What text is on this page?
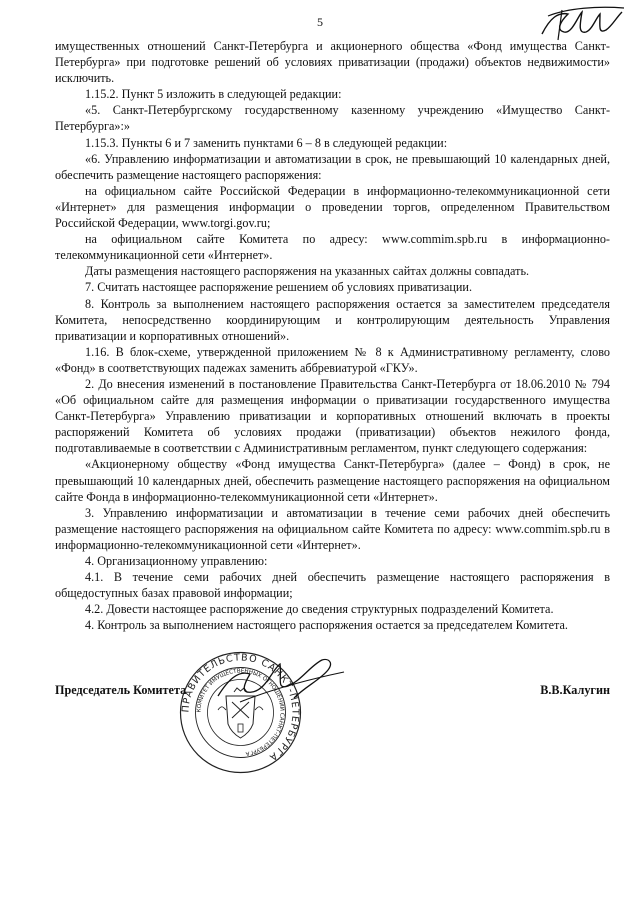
5

имущественных отношений Санкт-Петербурга и акционерного общества «Фонд имущества Санкт-Петербурга» при подготовке решений об условиях приватизации (продажи) объектов недвижимости» исключить.

1.15.2. Пункт 5 изложить в следующей редакции:

«5. Санкт-Петербургскому государственному казенному учреждению «Имущество Санкт-Петербурга»:»

1.15.3. Пункты 6 и 7 заменить пунктами 6 – 8 в следующей редакции:

«6. Управлению информатизации и автоматизации в срок, не превышающий 10 календарных дней, обеспечить размещение настоящего распоряжения:

на официальном сайте Российской Федерации в информационно-телекоммуникационной сети «Интернет» для размещения информации о проведении торгов, определенном Правительством Российской Федерации, www.torgi.gov.ru;

на официальном сайте Комитета по адресу: www.commim.spb.ru в информационно-телекоммуникационной сети «Интернет».

Даты размещения настоящего распоряжения на указанных сайтах должны совпадать.

7. Считать настоящее распоряжение решением об условиях приватизации.

8. Контроль за выполнением настоящего распоряжения остается за заместителем председателя Комитета, непосредственно координирующим и контролирующим деятельность Управления приватизации и корпоративных отношений».

1.16. В блок-схеме, утвержденной приложением № 8 к Административному регламенту, слово «Фонд» в соответствующих падежах заменить аббревиатурой «ГКУ».

2. До внесения изменений в постановление Правительства Санкт-Петербурга от 18.06.2010 № 794 «Об официальном сайте для размещения информации о приватизации государственного имущества Санкт-Петербурга» Управлению приватизации и корпоративных отношений включать в проекты распоряжений Комитета об условиях продажи (приватизации) объектов нежилого фонда, подготавливаемые в соответствии с Административным регламентом, пункт следующего содержания:

«Акционерному обществу «Фонд имущества Санкт-Петербурга» (далее – Фонд) в срок, не превышающий 10 календарных дней, обеспечить размещение настоящего распоряжения на официальном сайте Фонда в информационно-телекоммуникационной сети «Интернет».

3. Управлению информатизации и автоматизации в течение семи рабочих дней обеспечить размещение настоящего распоряжения на официальном сайте Комитета по адресу: www.commim.spb.ru в информационно-телекоммуникационной сети «Интернет».

4. Организационному управлению:

4.1. В течение семи рабочих дней обеспечить размещение настоящего распоряжения в общедоступных базах правовой информации;

4.2. Довести настоящее распоряжение до сведения структурных подразделений Комитета.

4. Контроль за выполнением настоящего распоряжения остается за председателем Комитета.

ПРАВИТЕЛЬСТВО САНКТ-ПЕТЕРБУРГА
КОМИТЕТ ИМУЩЕСТВЕННЫХ ОТНОШЕНИЙ САНКТ-ПЕТЕРБУРГА
Председатель Комитета	В.В.Калугин
